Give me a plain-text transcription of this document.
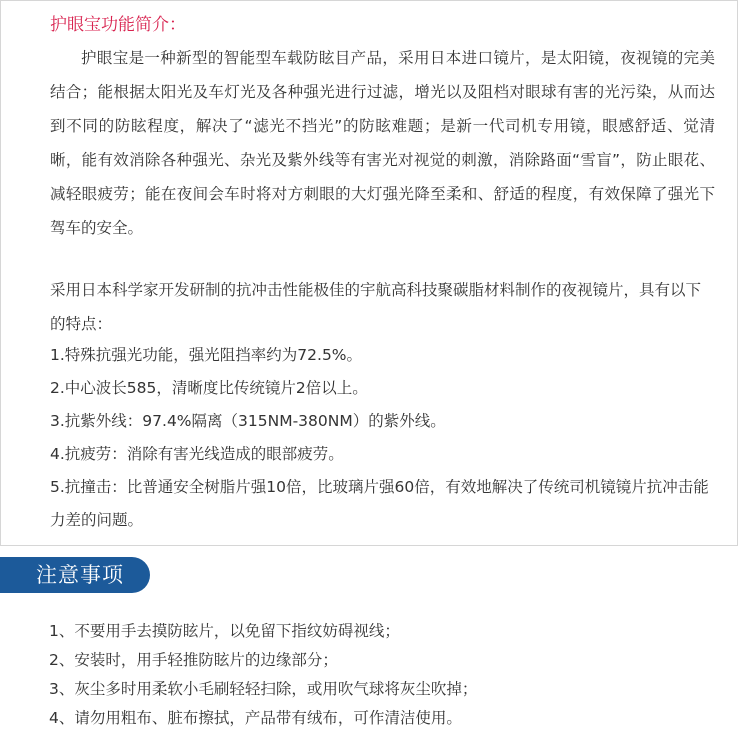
护眼宝功能简介：

护眼宝是一种新型的智能型车载防眩目产品，采用日本进口镜片，是太阳镜，夜视镜的完美结合；能根据太阳光及车灯光及各种强光进行过滤，增光以及阻档对眼球有害的光污染，从而达到不同的防眩程度，解决了“滤光不挡光”的防眩难题；是新一代司机专用镜，眼感舒适、觉清晰，能有效消除各种强光、杂光及紫外线等有害光对视觉的刺激，消除路面“雪盲”，防止眼花、减轻眼疲劳；能在夜间会车时将对方刺眼的大灯强光降至柔和、舒适的程度，有效保障了强光下驾车的安全。

采用日本科学家开发研制的抗冲击性能极佳的宇航高科技聚碳脂材料制作的夜视镜片，具有以下的特点：

1.特殊抗强光功能，强光阻挡率约为72.5%。
2.中心波长585，清晰度比传统镜片2倍以上。
3.抗紫外线：97.4%隔离（315NM-380NM）的紫外线。
4.抗疲劳：消除有害光线造成的眼部疲劳。
5.抗撞击：比普通安全树脂片强10倍，比玻璃片强60倍，有效地解决了传统司机镜镜片抗冲击能力差的问题。
注意事项
1、不要用手去摸防眩片，以免留下指纹妨碍视线；
2、安装时，用手轻推防眩片的边缘部分；
3、灰尘多时用柔软小毛刷轻轻扫除，或用吹气球将灰尘吹掉；
4、请勿用粗布、脏布擦拭，产品带有绒布，可作清洁使用。
